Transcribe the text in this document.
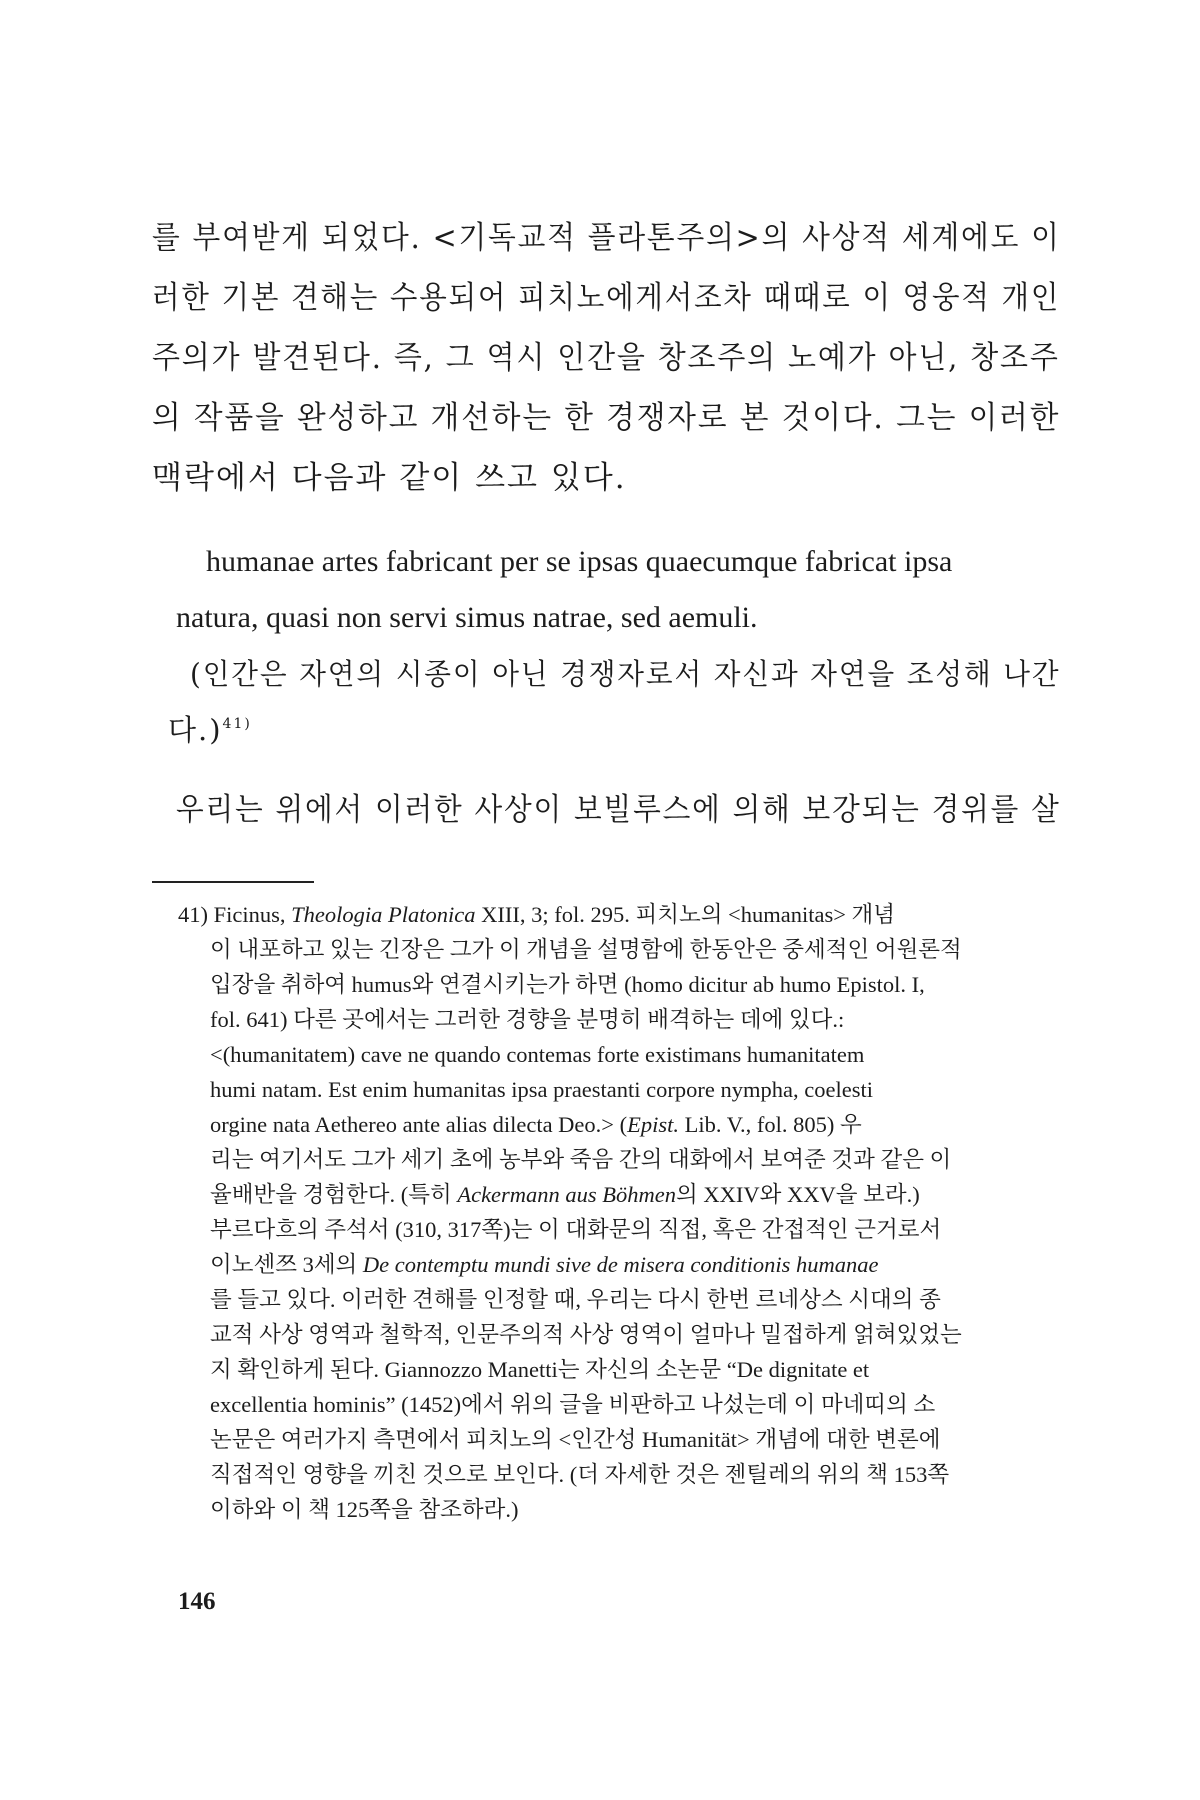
를 부여받게 되었다. <기독교적 플라톤주의>의 사상적 세계에도 이
러한 기본 견해는 수용되어 피치노에게서조차 때때로 이 영웅적 개인
주의가 발견된다. 즉, 그 역시 인간을 창조주의 노예가 아닌, 창조주
의 작품을 완성하고 개선하는 한 경쟁자로 본 것이다. 그는 이러한
맥락에서 다음과 같이 쓰고 있다.
humanae artes fabricant per se ipsas quaecumque fabricat ipsa
natura, quasi non servi simus natrae, sed aemuli.
(인간은 자연의 시종이 아닌 경쟁자로서 자신과 자연을 조성해 나간
다.)$^{41)}$
우리는 위에서 이러한 사상이 보빌루스에 의해 보강되는 경위를 살
41) Ficinus, Theologia Platonica XIII, 3; fol. 295. 피치노의 <humanitas> 개념
이 내포하고 있는 긴장은 그가 이 개념을 설명함에 한동안은 중세적인 어원론적
입장을 취하여 humus와 연결시키는가 하면 (homo dicitur ab humo Epistol. I,
fol. 641) 다른 곳에서는 그러한 경향을 분명히 배격하는 데에 있다.:
<(humanitatem) cave ne quando contemas forte existimans humanitatem
humi natam. Est enim humanitas ipsa praestanti corpore nympha, coelesti
orgine nata Aethereo ante alias dilecta Deo.> (Epist. Lib. V., fol. 805) 우
리는 여기서도 그가 세기 초에 농부와 죽음 간의 대화에서 보여준 것과 같은 이
율배반을 경험한다. (특히 Ackermann aus Böhmen의 XXIV와 XXV을 보라.)
부르다흐의 주석서 (310, 317쪽)는 이 대화문의 직접, 혹은 간접적인 근거로서
이노센쯔 3세의 De contemptu mundi sive de misera conditionis humanae
를 들고 있다. 이러한 견해를 인정할 때, 우리는 다시 한번 르네상스 시대의 종
교적 사상 영역과 철학적, 인문주의적 사상 영역이 얼마나 밀접하게 얽혀있었는
지 확인하게 된다. Giannozzo Manetti는 자신의 소논문 “De dignitate et
excellentia hominis” (1452)에서 위의 글을 비판하고 나섰는데 이 마네띠의 소
논문은 여러가지 측면에서 피치노의 <인간성 Humanität> 개념에 대한 변론에
직접적인 영향을 끼친 것으로 보인다. (더 자세한 것은 젠틸레의 위의 책 153쪽
이하와 이 책 125쪽을 참조하라.)
146
